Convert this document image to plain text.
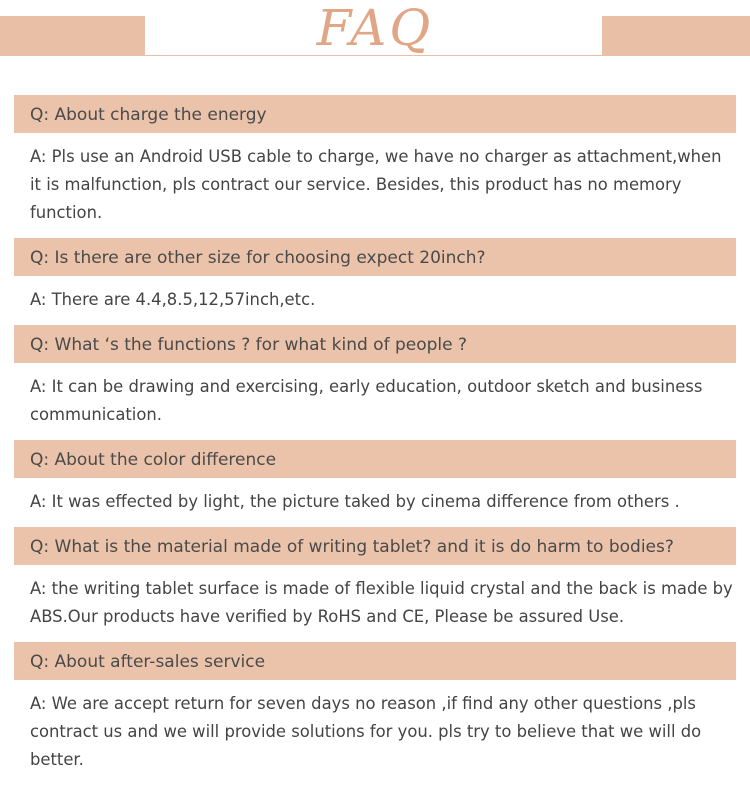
FAQ
Q: About charge the energy
A: Pls use an Android USB cable to charge, we have no charger as attachment,when it is malfunction, pls contract our service. Besides, this product has no memory function.
Q: Is there are other size for choosing expect 20inch?
A: There are 4.4,8.5,12,57inch,etc.
Q: What ‘s the functions ? for what kind of people ?
A: It can be drawing and exercising, early education, outdoor sketch and business communication.
Q: About the color difference
A: It was effected by light, the picture taked by cinema difference from others .
Q: What is the material made of writing tablet? and it is do harm to bodies?
A: the writing tablet surface is made of flexible liquid crystal and the back is made by ABS.Our products have verified by RoHS and CE, Please be assured Use.
Q: About after-sales service
A: We are accept return for seven days no reason ,if find any other questions ,pls contract us and we will provide solutions for you. pls try to believe that we will do better.
